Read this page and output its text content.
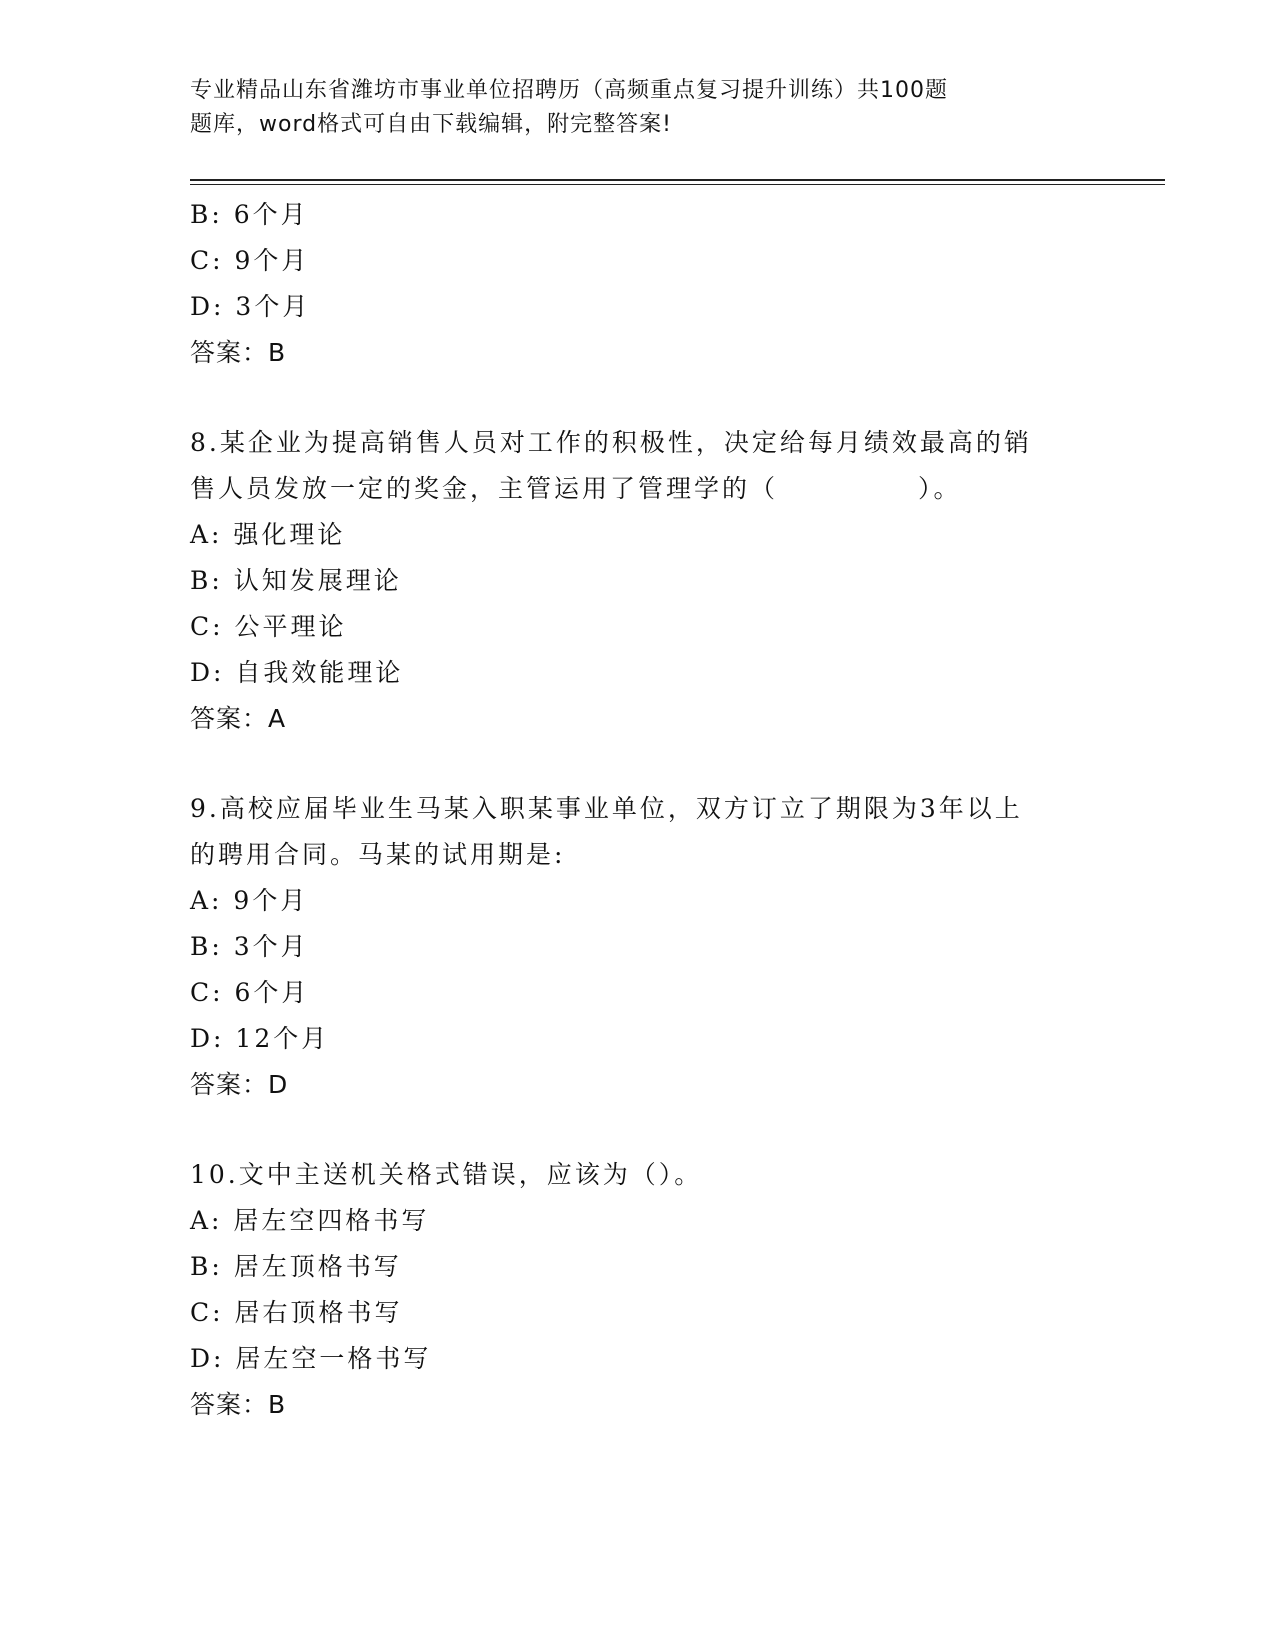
专业精品山东省潍坊市事业单位招聘历（高频重点复习提升训练）共100题
题库，word格式可自由下载编辑，附完整答案!
B: 6个月
C: 9个月
D: 3个月
答案：B
8.某企业为提高销售人员对工作的积极性，决定给每月绩效最高的销
售人员发放一定的奖金，主管运用了管理学的（　　　　　）。
A: 强化理论
B: 认知发展理论
C: 公平理论
D: 自我效能理论
答案：A
9.高校应届毕业生马某入职某事业单位，双方订立了期限为3年以上
的聘用合同。马某的试用期是:
A: 9个月
B: 3个月
C: 6个月
D: 12个月
答案：D
10.文中主送机关格式错误，应该为（）。
A: 居左空四格书写
B: 居左顶格书写
C: 居右顶格书写
D: 居左空一格书写
答案：B
